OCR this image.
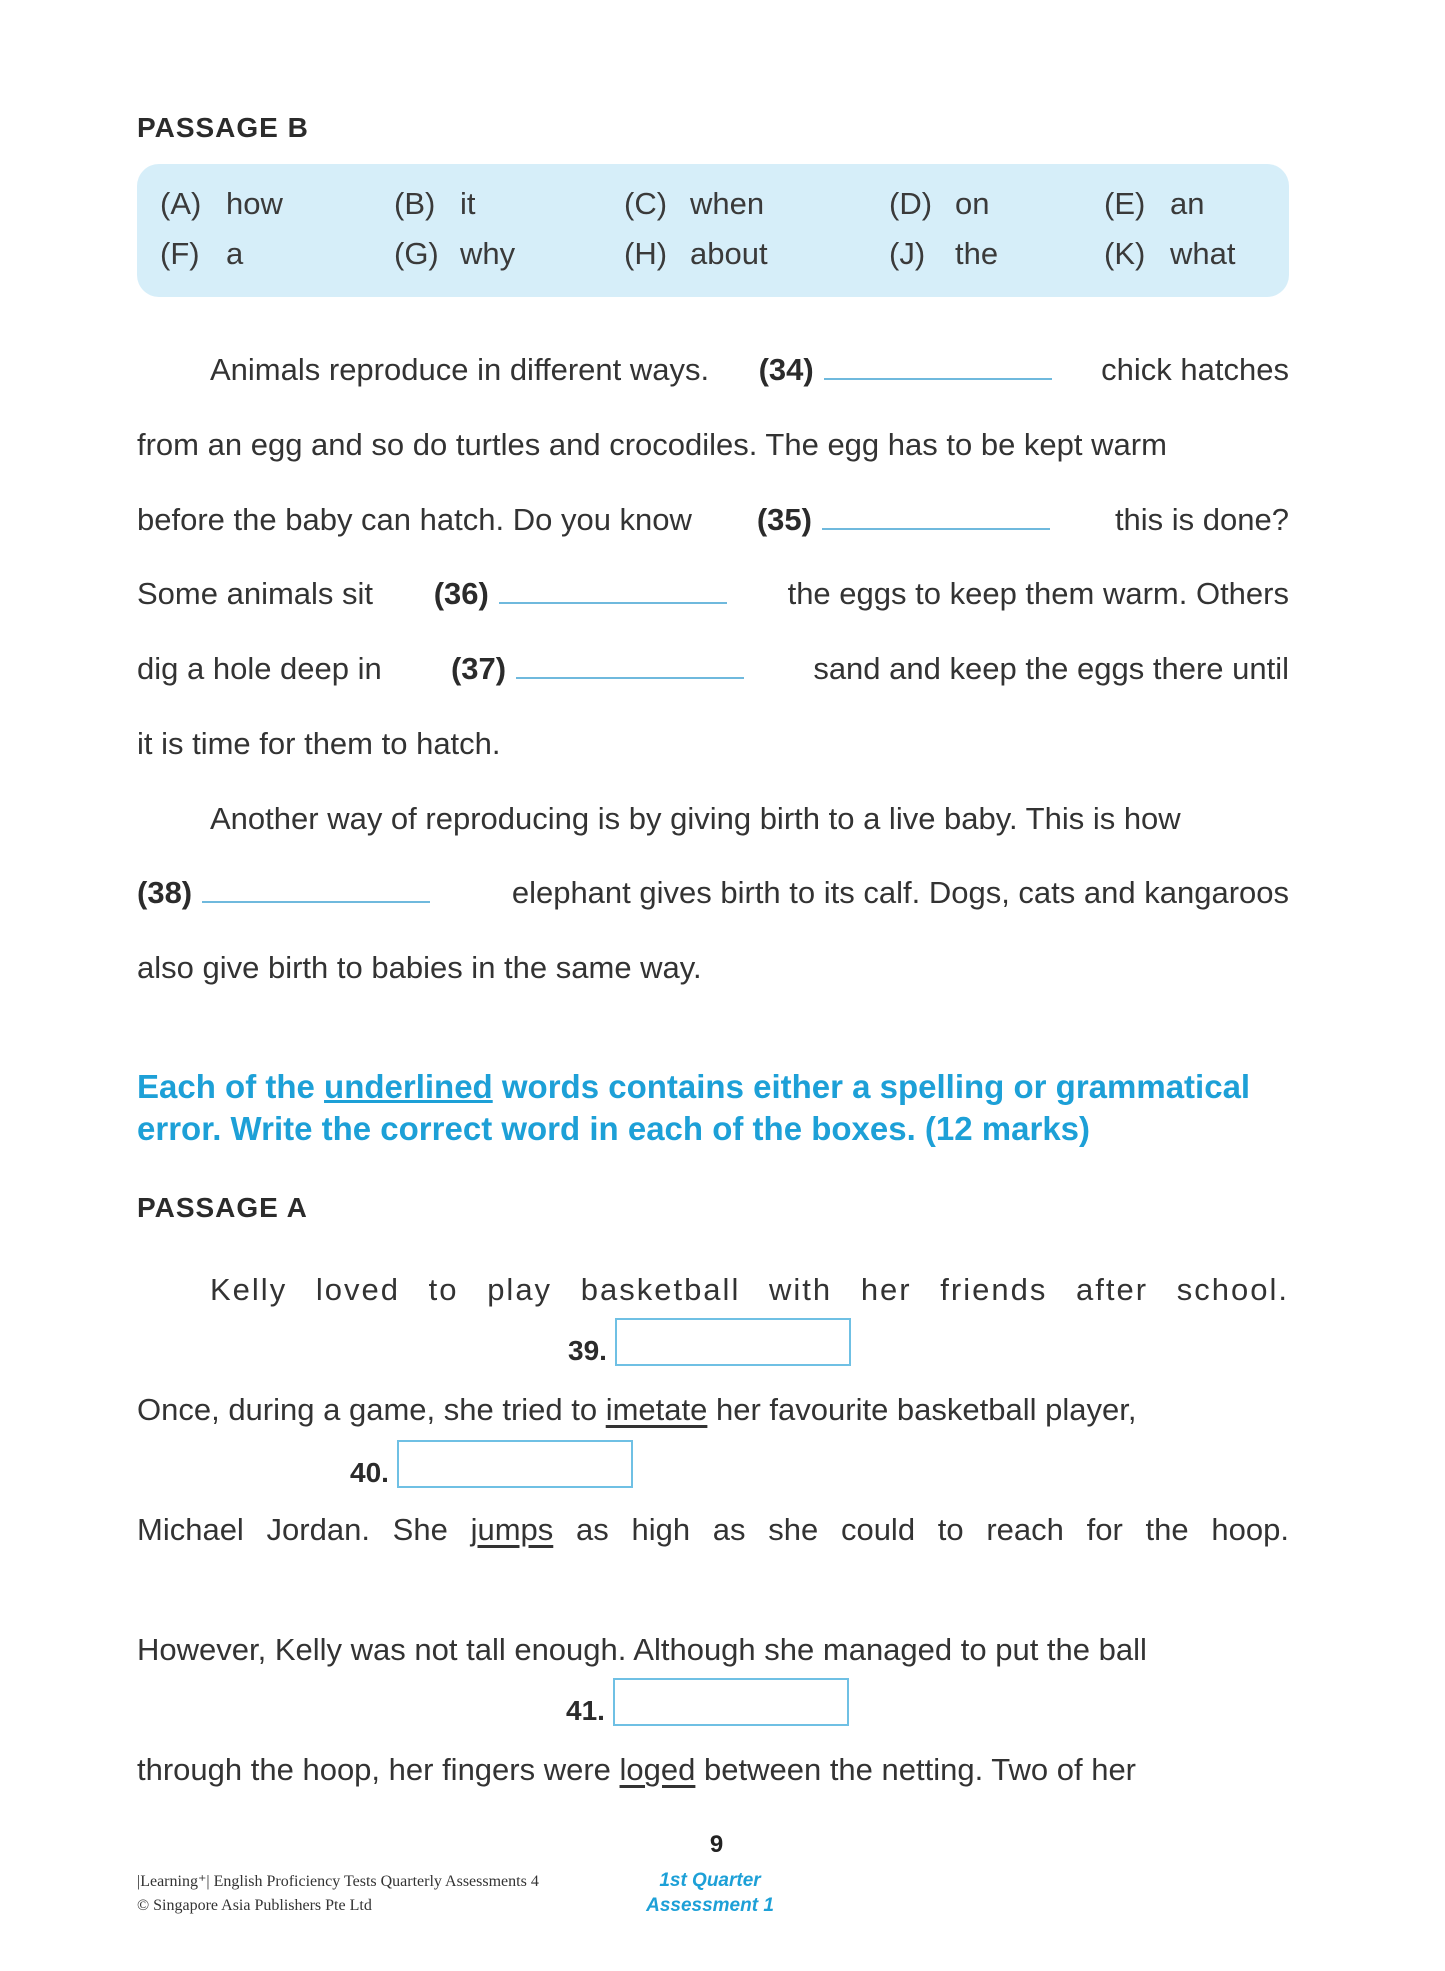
PASSAGE B
(A) how	(B) it	(C) when	(D) on	(E) an
(F) a	(G) why	(H) about	(J) the	(K) what
Animals reproduce in different ways. (34)	chick hatches
from an egg and so do turtles and crocodiles. The egg has to be kept warm
before the baby can hatch. Do you know (35)	this is done?
Some animals sit (36)	the eggs to keep them warm. Others
dig a hole deep in (37)	sand and keep the eggs there until
it is time for them to hatch.
Another way of reproducing is by giving birth to a live baby. This is how
(38)	elephant gives birth to its calf. Dogs, cats and kangaroos
also give birth to babies in the same way.
Each of the underlined words contains either a spelling or grammatical
error. Write the correct word in each of the boxes. (12 marks)
PASSAGE A
Kelly loved to play basketball with her friends after school.
39.
Once, during a game, she tried to imetate her favourite basketball player,
40.
Michael Jordan. She jumps as high as she could to reach for the hoop.
However, Kelly was not tall enough. Although she managed to put the ball
41.
through the hoop, her fingers were loged between the netting. Two of her
9
|Learning⁺| English Proficiency Tests Quarterly Assessments 4
© Singapore Asia Publishers Pte Ltd
1st Quarter
Assessment 1
